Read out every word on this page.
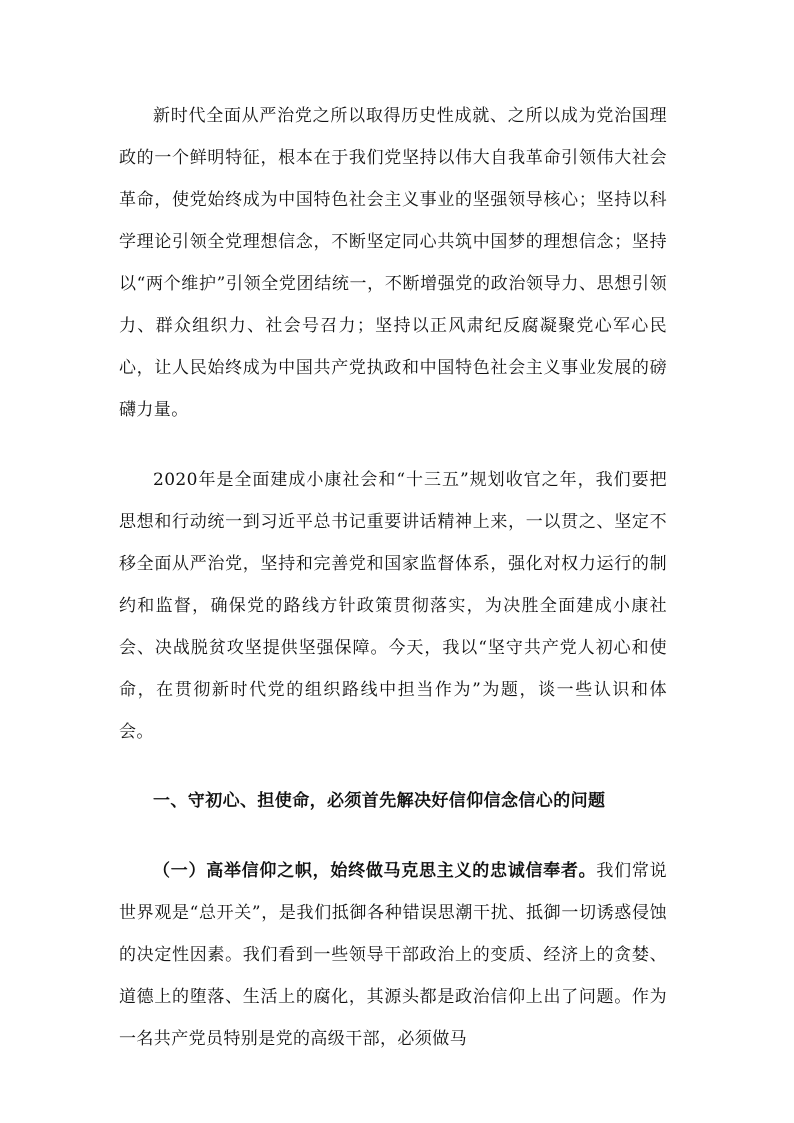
新时代全面从严治党之所以取得历史性成就、之所以成为党治国理政的一个鲜明特征，根本在于我们党坚持以伟大自我革命引领伟大社会革命，使党始终成为中国特色社会主义事业的坚强领导核心；坚持以科学理论引领全党理想信念，不断坚定同心共筑中国梦的理想信念；坚持以“两个维护”引领全党团结统一，不断增强党的政治领导力、思想引领力、群众组织力、社会号召力；坚持以正风肃纪反腐凝聚党心军心民心，让人民始终成为中国共产党执政和中国特色社会主义事业发展的磅礴力量。

2020年是全面建成小康社会和“十三五”规划收官之年，我们要把思想和行动统一到习近平总书记重要讲话精神上来，一以贯之、坚定不移全面从严治党，坚持和完善党和国家监督体系，强化对权力运行的制约和监督，确保党的路线方针政策贯彻落实，为决胜全面建成小康社会、决战脱贫攻坚提供坚强保障。今天，我以“坚守共产党人初心和使命，在贯彻新时代党的组织路线中担当作为”为题，谈一些认识和体会。

一、守初心、担使命，必须首先解决好信仰信念信心的问题

（一）高举信仰之帜，始终做马克思主义的忠诚信奉者。我们常说世界观是“总开关”，是我们抵御各种错误思潮干扰、抵御一切诱惑侵蚀的决定性因素。我们看到一些领导干部政治上的变质、经济上的贪婪、道德上的堕落、生活上的腐化，其源头都是政治信仰上出了问题。作为一名共产党员特别是党的高级干部，必须做马
